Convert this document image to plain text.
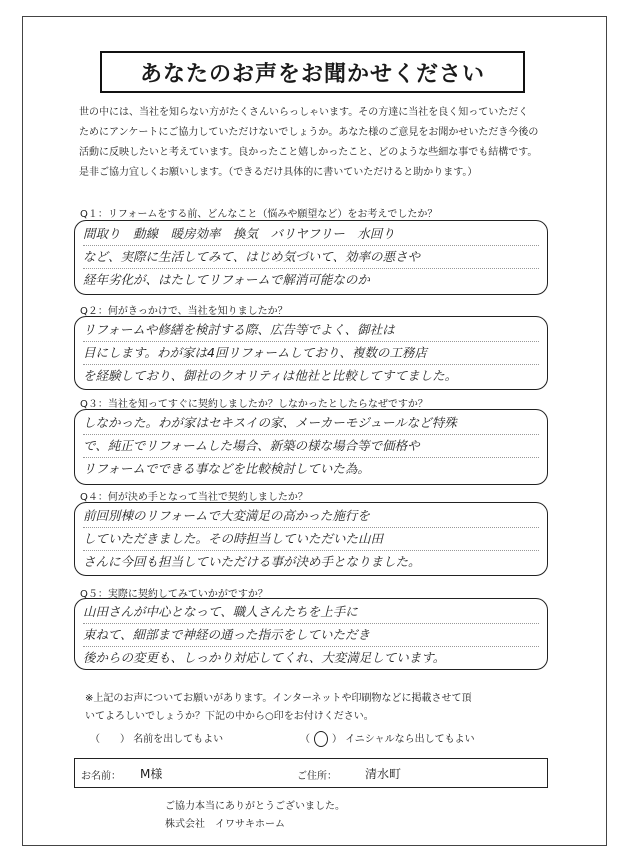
あなたのお声をお聞かせください
世の中には、当社を知らない方がたくさんいらっしゃいます。その方達に当社を良く知っていただく
ためにアンケートにご協力していただけないでしょうか。あなた様のご意見をお聞かせいただき今後の
活動に反映したいと考えています。良かったこと嬉しかったこと、どのような些細な事でも結構です。
是非ご協力宜しくお願いします。（できるだけ具体的に書いていただけると助かります。）
Q１：リフォームをする前、どんなこと（悩みや願望など）をお考えでしたか？
間取り　動線　暖房効率　換気　バリヤフリー　水回り
など、実際に生活してみて、はじめ気づいて、効率の悪さや
経年劣化が、はたしてリフォームで解消可能なのか
Q２：何がきっかけで、当社を知りましたか？
リフォームや修繕を検討する際、広告等でよく、御社は
目にします。わが家は4回リフォームしており、複数の工務店
を経験しており、御社のクオリティは他社と比較してすてました。
Q３：当社を知ってすぐに契約しましたか？しなかったとしたらなぜですか？
しなかった。わが家はセキスイの家、メーカーモジュールなど特殊
で、純正でリフォームした場合、新築の様な場合等で価格や
リフォームでできる事などを比較検討していた為。
Q４：何が決め手となって当社で契約しましたか？
前回別棟のリフォームで大変満足の高かった施行を
していただきました。その時担当していただいた山田
さんに今回も担当していただける事が決め手となりました。
Q５：実際に契約してみていかがですか？
山田さんが中心となって、職人さんたちを上手に
束ねて、細部まで神経の通った指示をしていただき
後からの変更も、しっかり対応してくれ、大変満足しています。
※上記のお声についてお願いがあります。インターネットや印刷物などに掲載させて頂
いてよろしいでしょうか？下記の中から○印をお付けください。
（　　） 名前を出してもよい	（ ○ ） イニシャルなら出してもよい
お名前： M様	ご住所： 清水町
ご協力本当にありがとうございました。
株式会社　イワサキホーム
